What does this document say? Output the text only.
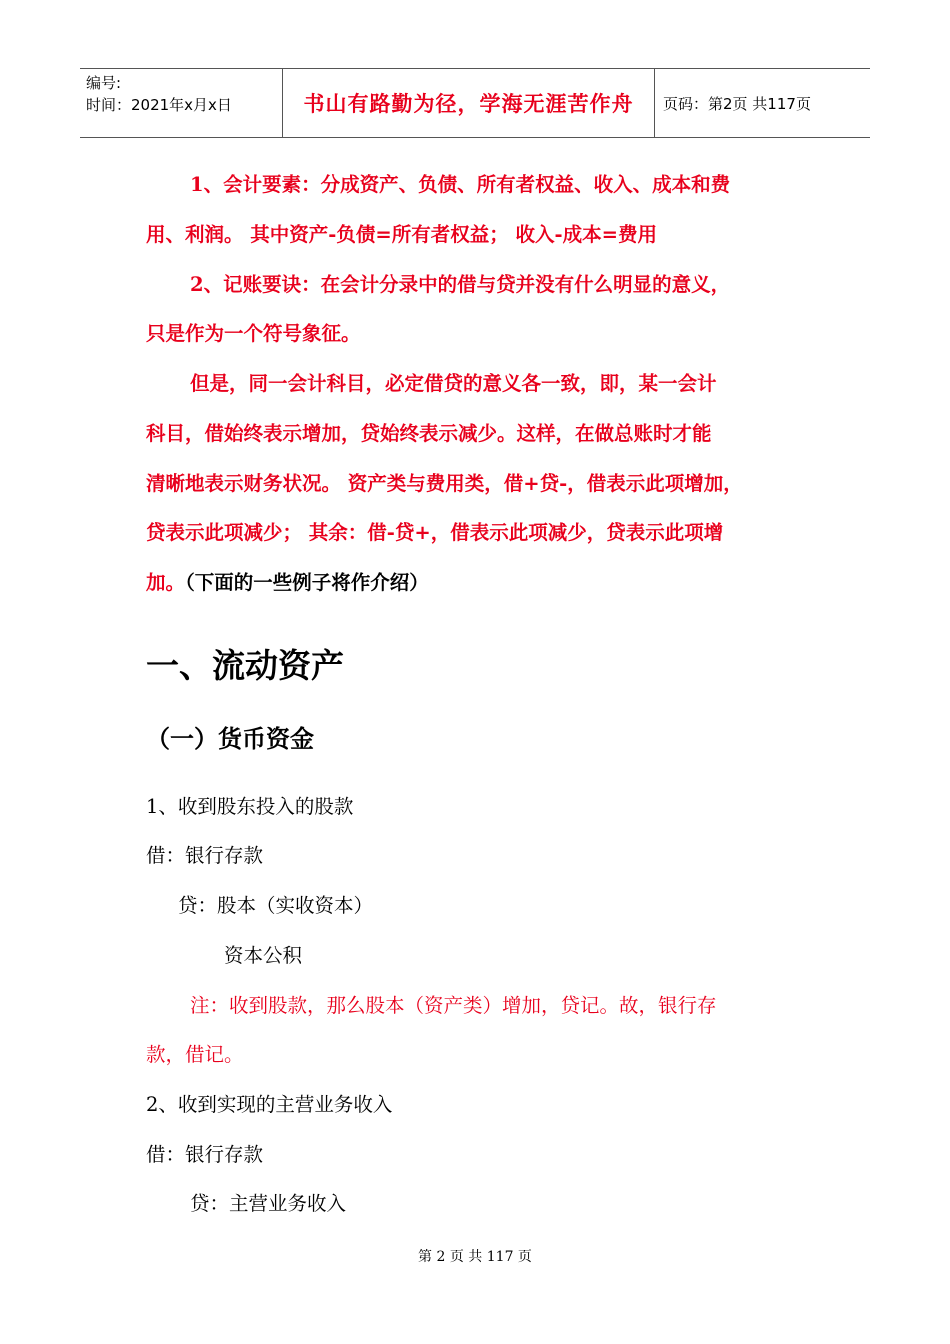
编号:
时间：2021年x月x日	书山有路勤为径，学海无涯苦作舟	页码：第2页 共117页
1、会计要素：分成资产、负债、所有者权益、收入、成本和费
用、利润。 其中资产-负债=所有者权益； 收入-成本=费用
2、记账要诀：在会计分录中的借与贷并没有什么明显的意义，
只是作为一个符号象征。
但是，同一会计科目，必定借贷的意义各一致，即，某一会计
科目，借始终表示增加，贷始终表示减少。这样，在做总账时才能
清晰地表示财务状况。 资产类与费用类，借+贷-，借表示此项增加，
贷表示此项减少； 其余：借-贷+，借表示此项减少，贷表示此项增
加。（下面的一些例子将作介绍）
一、流动资产
（一）货币资金
1、收到股东投入的股款
借：银行存款
贷：股本（实收资本）
资本公积
注：收到股款，那么股本（资产类）增加，贷记。故，银行存
款，借记。
2、收到实现的主营业务收入
借：银行存款
贷：主营业务收入
第 2 页 共 117 页
